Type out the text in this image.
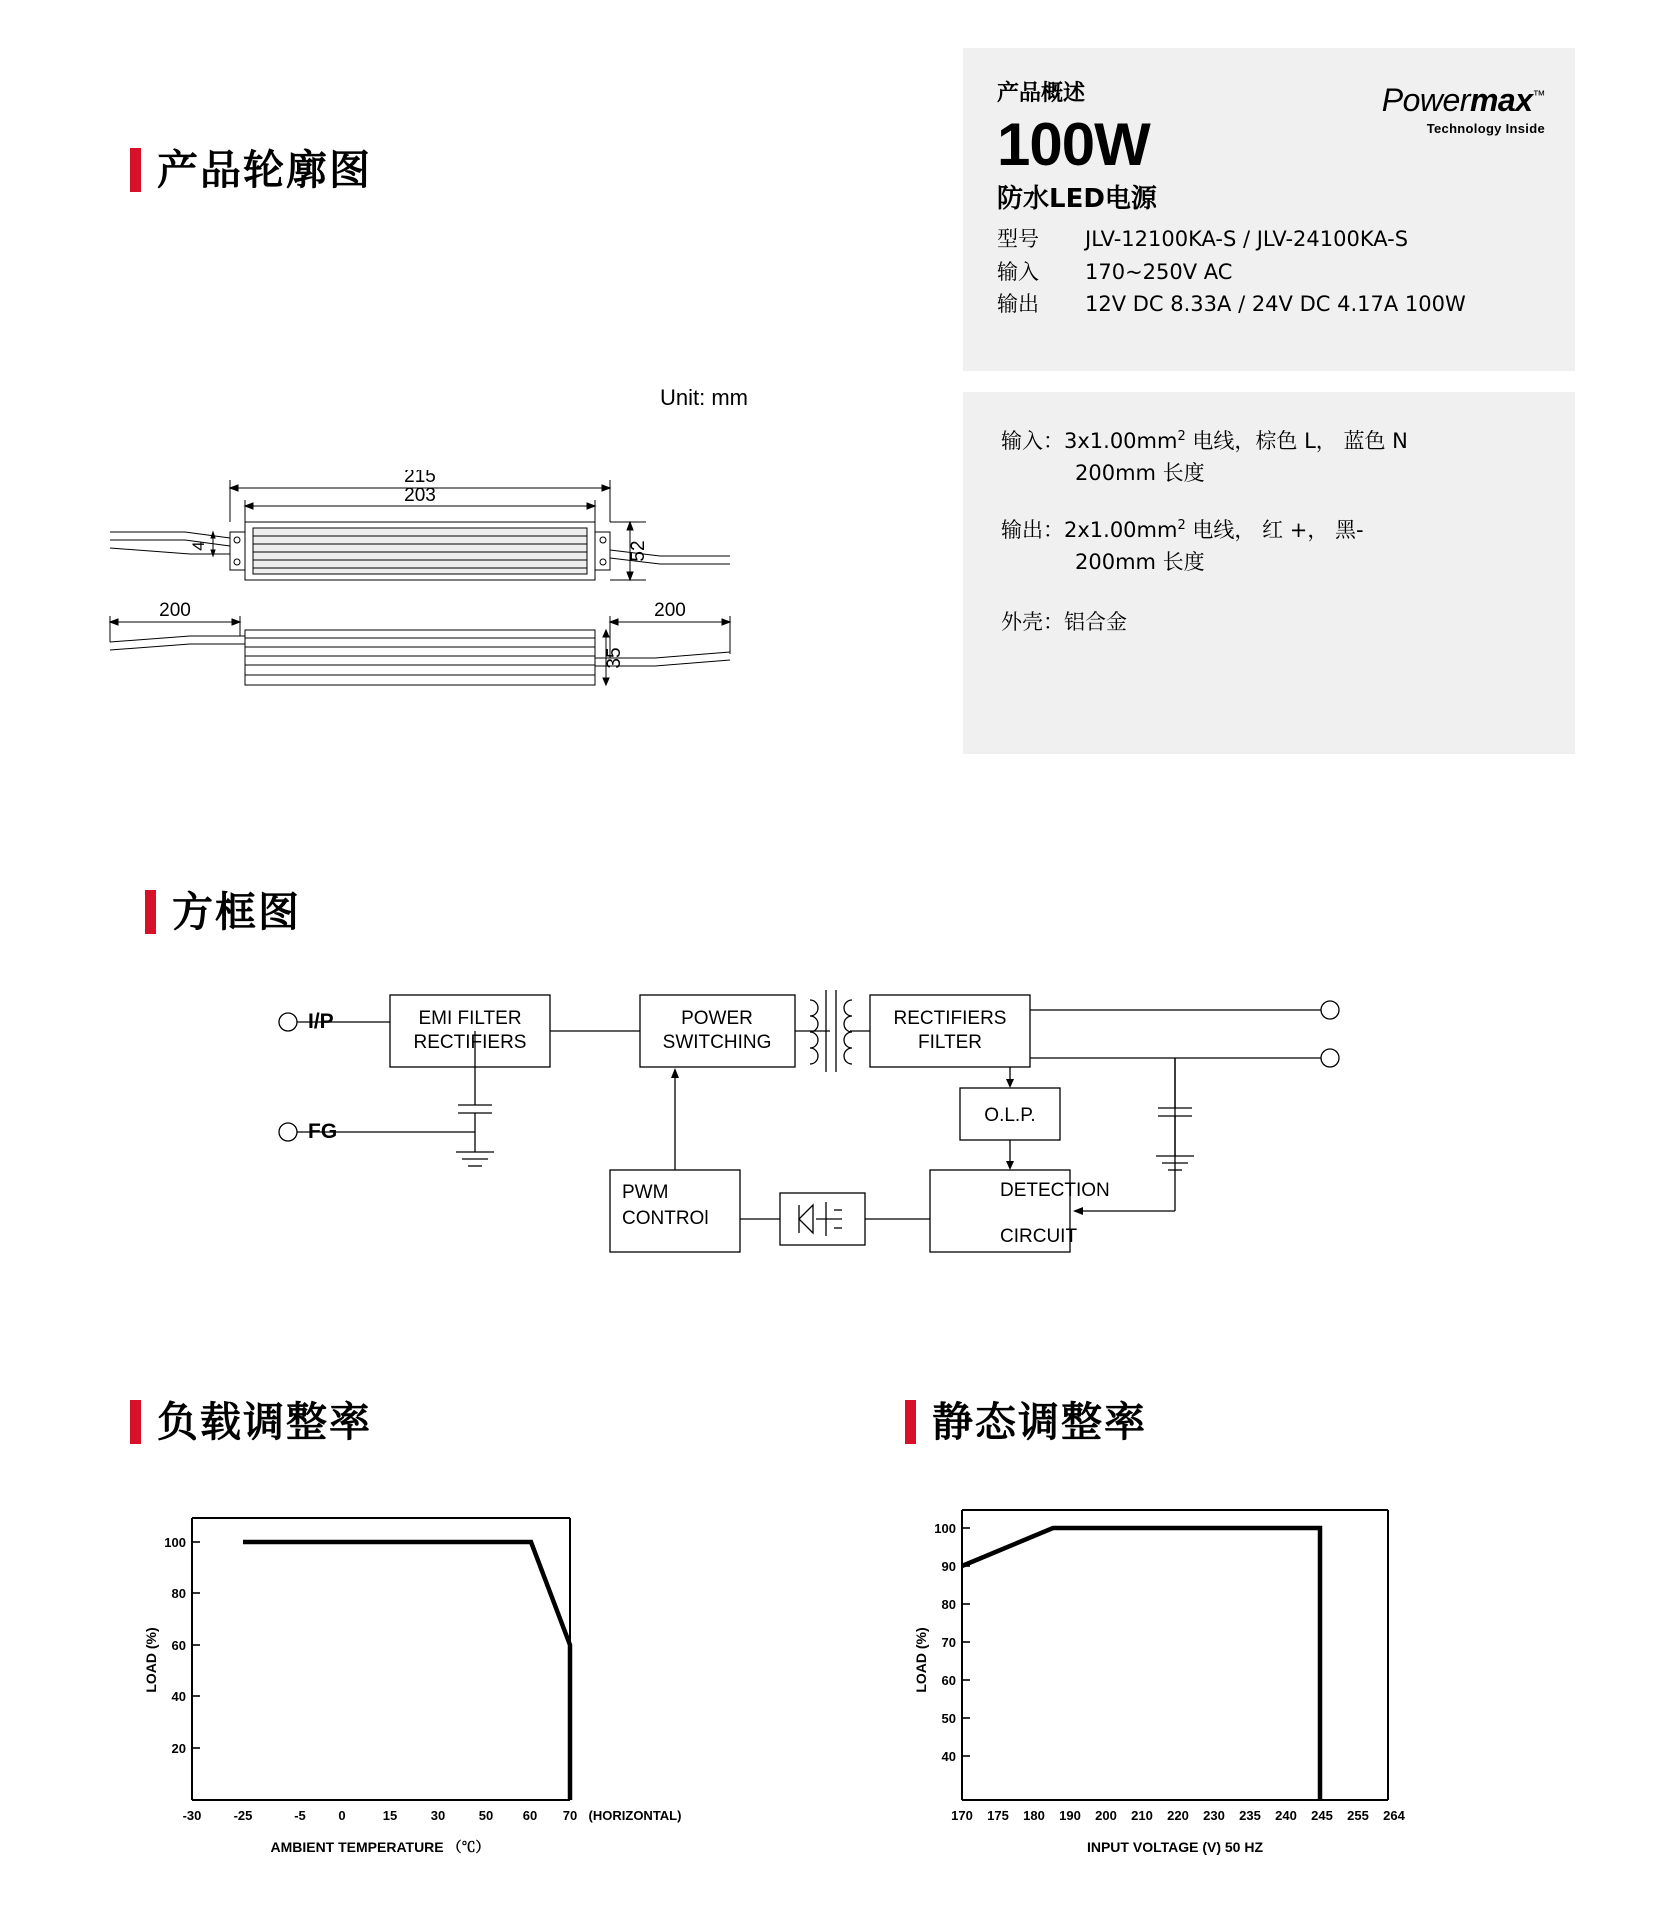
产品轮廓图
产品概述
100W
防水LED电源
型号	JLV-12100KA-S / JLV-24100KA-S
输入	170~250V AC
输出	12V DC 8.33A / 24V DC 4.17A 100W
Powermax™
Technology Inside
输入： $3x1.00mm^2$ 电线，棕色 L， 蓝色 N
200mm 长度
输出： $2x1.00mm^2$ 电线， 红 +， 黑-
200mm 长度
外壳：铝合金
Unit: mm
215
203
52
4
35
200	200
方框图
EMI FILTER
RECTIFIERS
POWER
SWITCHING
RECTIFIERS
FILTER
O.L.P.
DETECTION
CIRCUIT
PWM
CONTROl
I/P
FG
负载调整率	静态调整率
100
80
60
40
20
-30 -25	-5	0	15	30	50 60 70 (HORIZONTAL)
LOAD (%)
AMBIENT TEMPERATURE （℃）
100
90
80
70
60
50
40
170 175 180 190 200 210 220 230 235 240 245 255 264
LOAD (%)
INPUT VOLTAGE (V) 50 HZ
